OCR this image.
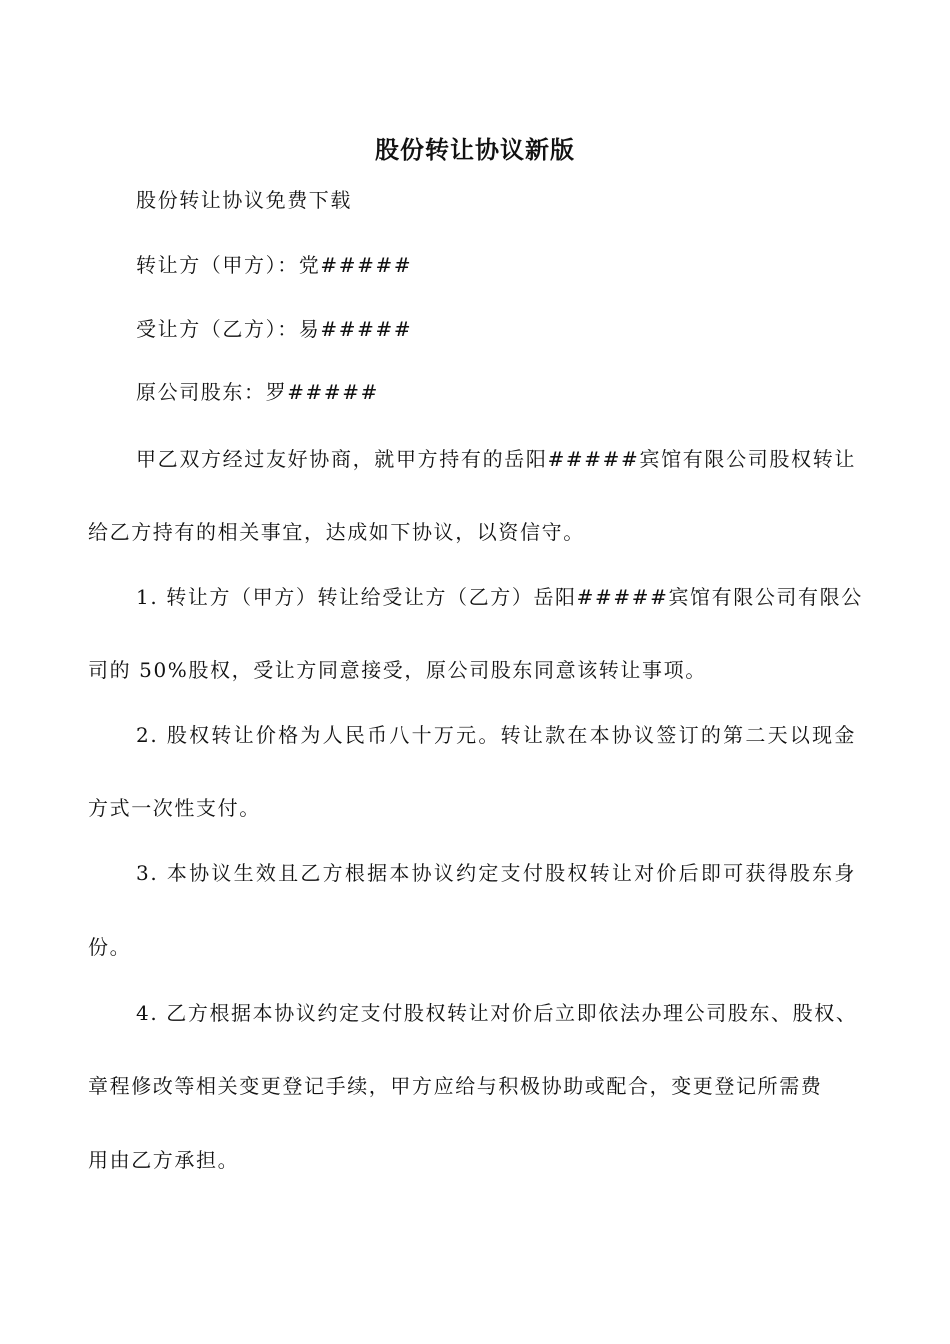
股份转让协议新版
股份转让协议免费下载
转让方（甲方）：党#####
受让方（乙方）：易#####
原公司股东：罗#####
甲乙双方经过友好协商，就甲方持有的岳阳#####宾馆有限公司股权转让
给乙方持有的相关事宜，达成如下协议，以资信守。
1. 转让方（甲方）转让给受让方（乙方）岳阳#####宾馆有限公司有限公
司的 50%股权，受让方同意接受，原公司股东同意该转让事项。
2. 股权转让价格为人民币八十万元。转让款在本协议签订的第二天以现金
方式一次性支付。
3. 本协议生效且乙方根据本协议约定支付股权转让对价后即可获得股东身
份。
4. 乙方根据本协议约定支付股权转让对价后立即依法办理公司股东、股权、
章程修改等相关变更登记手续，甲方应给与积极协助或配合，变更登记所需费
用由乙方承担。
